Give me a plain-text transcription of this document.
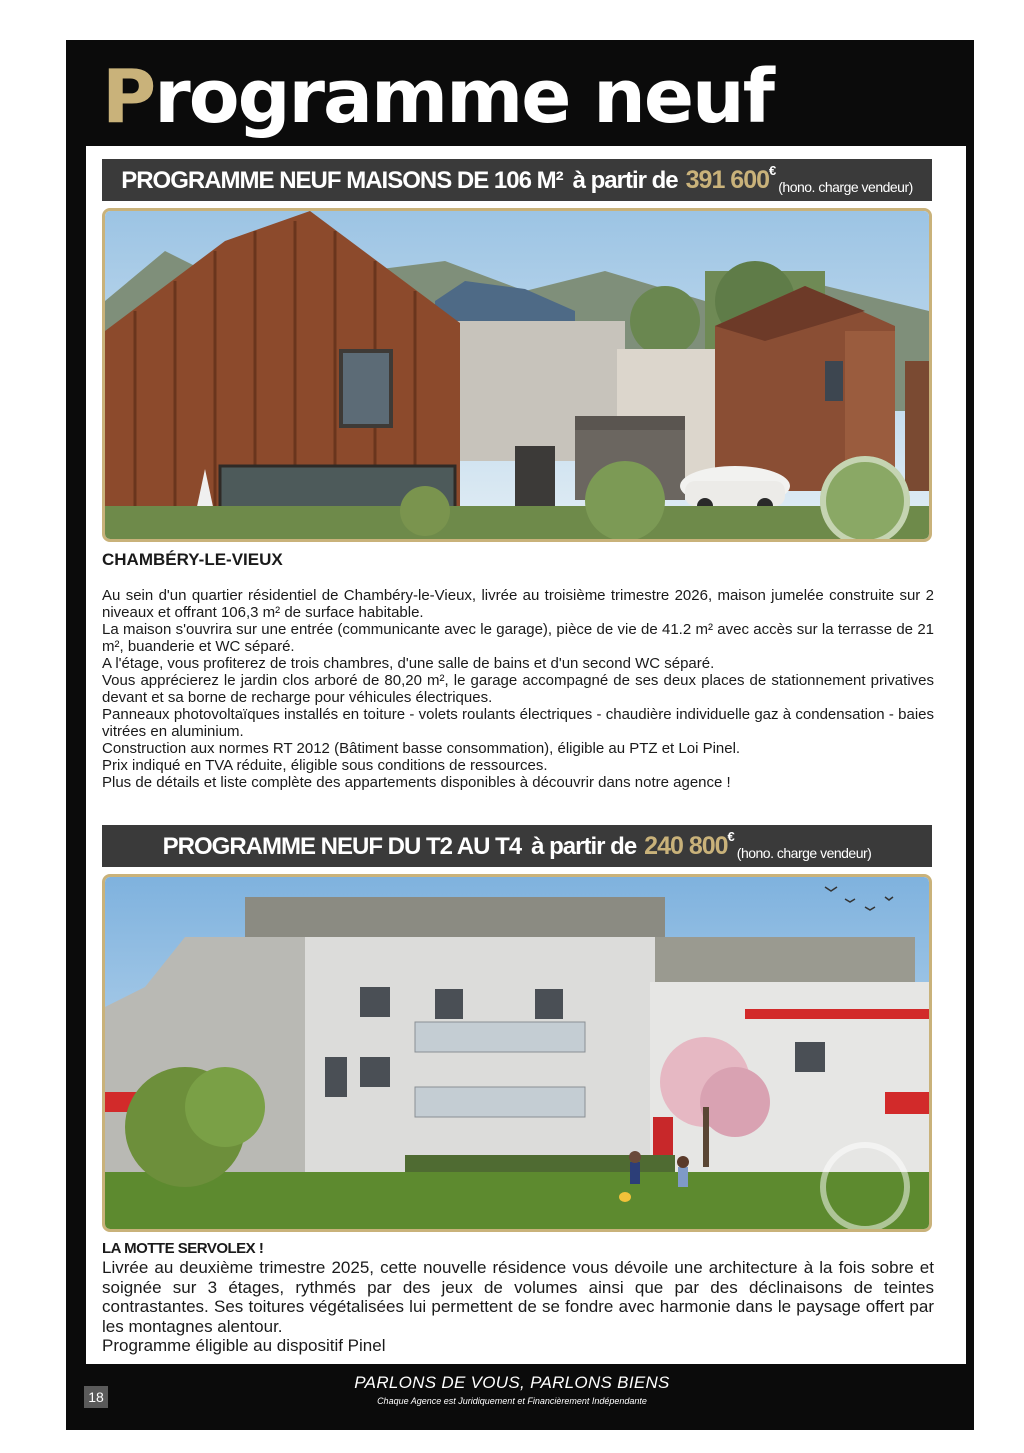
Programme neuf
PROGRAMME NEUF MAISONS DE 106 M² à partir de 391 600 €
(hono. charge vendeur)
CHAMBÉRY-LE-VIEUX

Au sein d'un quartier résidentiel de Chambéry-le-Vieux, livrée au troisième trimestre 2026, maison jumelée construite sur 2 niveaux et offrant 106,3 m² de surface habitable.

La maison s'ouvrira sur une entrée (communicante avec le garage), pièce de vie de 41.2 m² avec accès sur la terrasse de 21 m², buanderie et WC séparé.

A l'étage, vous profiterez de trois chambres, d'une salle de bains et d'un second WC séparé.

Vous apprécierez le jardin clos arboré de 80,20 m², le garage accompagné de ses deux places de stationnement privatives devant et sa borne de recharge pour véhicules électriques.

Panneaux photovoltaïques installés en toiture - volets roulants électriques - chaudière individuelle gaz à condensation - baies vitrées en aluminium.

Construction aux normes RT 2012 (Bâtiment basse consommation), éligible au PTZ et Loi Pinel.

Prix indiqué en TVA réduite, éligible sous conditions de ressources.

Plus de détails et liste complète des appartements disponibles à découvrir dans notre agence !

PROGRAMME NEUF DU T2 AU T4 à partir de 240 800 €
(hono. charge vendeur)
LA MOTTE SERVOLEX !

Livrée au deuxième trimestre 2025, cette nouvelle résidence vous dévoile une architecture à la fois sobre et soignée sur 3 étages, rythmés par des jeux de volumes ainsi que par des déclinaisons de teintes contrastantes. Ses toitures végétalisées lui permettent de se fondre avec harmonie dans le paysage offert par les montagnes alentour.

Programme éligible au dispositif Pinel

18
PARLONS DE VOUS, PARLONS BIENS
Chaque Agence est Juridiquement et Financièrement Indépendante
